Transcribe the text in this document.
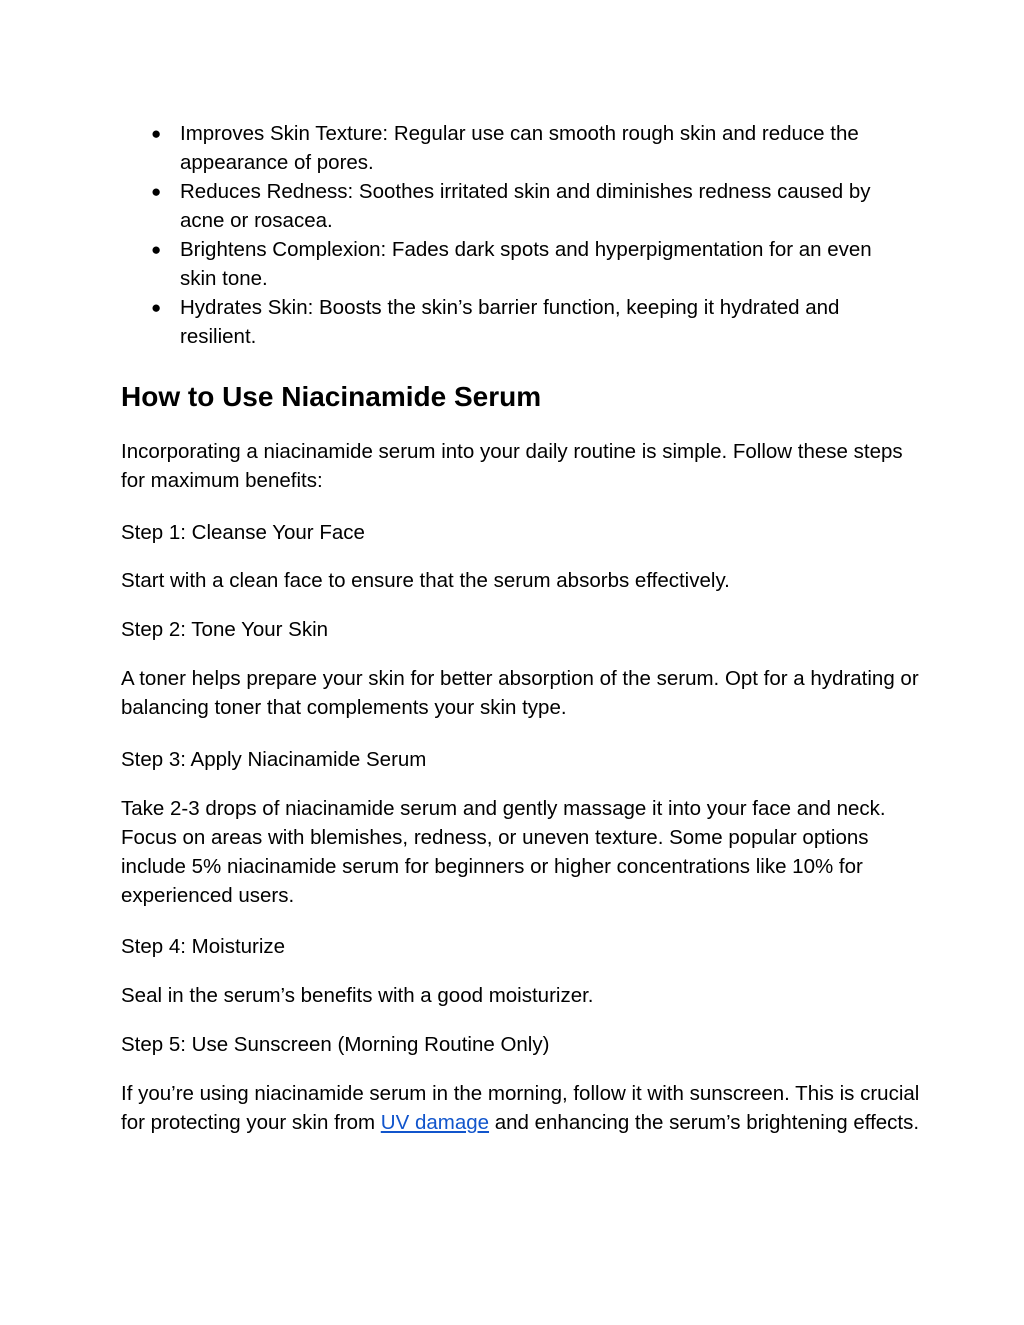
● Improves Skin Texture: Regular use can smooth rough skin and reduce the appearance of pores.
● Reduces Redness: Soothes irritated skin and diminishes redness caused by acne or rosacea.
● Brightens Complexion: Fades dark spots and hyperpigmentation for an even skin tone.
● Hydrates Skin: Boosts the skin’s barrier function, keeping it hydrated and resilient.
How to Use Niacinamide Serum

Incorporating a niacinamide serum into your daily routine is simple. Follow these steps for maximum benefits:

Step 1: Cleanse Your Face

Start with a clean face to ensure that the serum absorbs effectively.

Step 2: Tone Your Skin

A toner helps prepare your skin for better absorption of the serum. Opt for a hydrating or balancing toner that complements your skin type.

Step 3: Apply Niacinamide Serum

Take 2-3 drops of niacinamide serum and gently massage it into your face and neck. Focus on areas with blemishes, redness, or uneven texture. Some popular options include 5% niacinamide serum for beginners or higher concentrations like 10% for experienced users.

Step 4: Moisturize

Seal in the serum’s benefits with a good moisturizer.

Step 5: Use Sunscreen (Morning Routine Only)

If you’re using niacinamide serum in the morning, follow it with sunscreen. This is crucial for protecting your skin from UV damage and enhancing the serum’s brightening effects.
